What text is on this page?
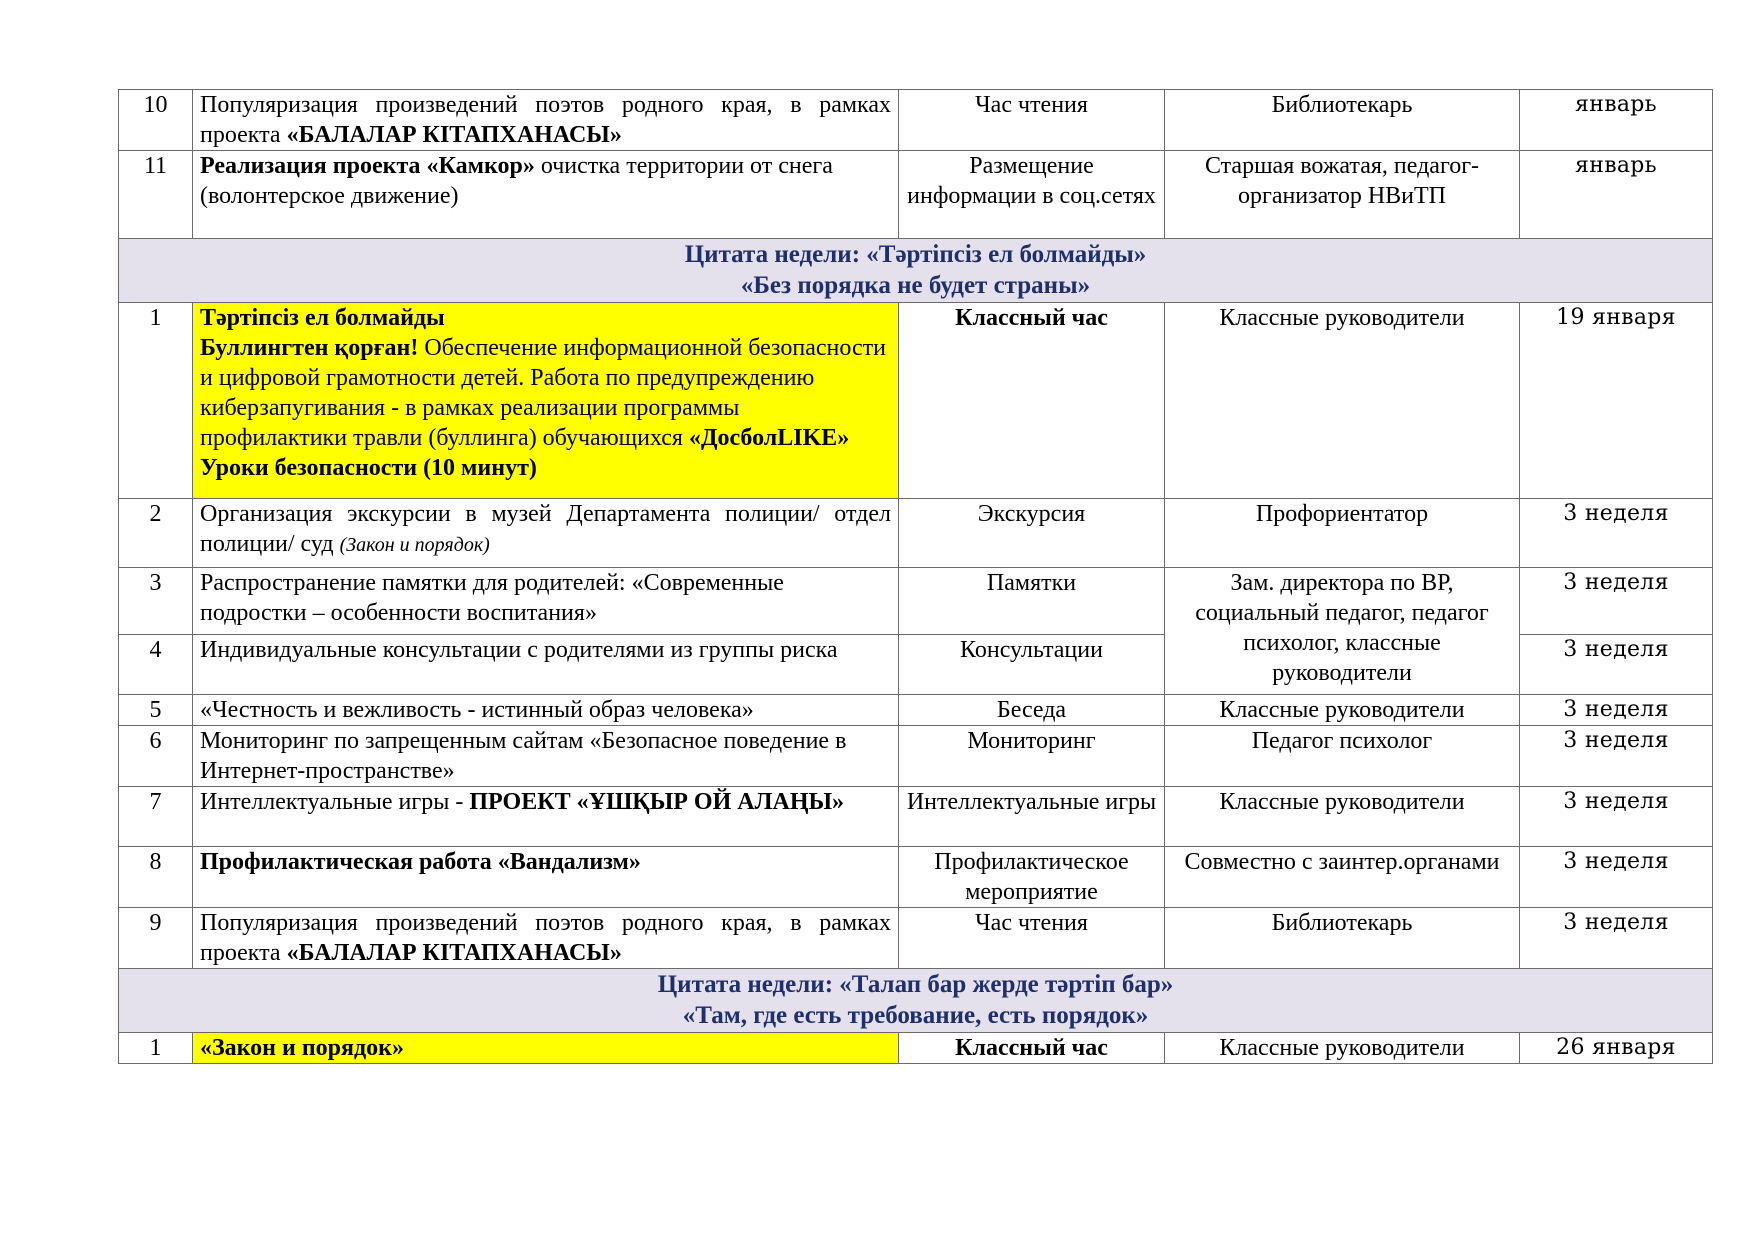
10	Популяризация произведений поэтов родного края, в рамках проекта «БАЛАЛАР КІТАПХАНАСЫ»	Час чтения	Библиотекарь	январь
11	Реализация проекта «Камкор» очистка территории от снега (волонтерское движение)	Размещение информации в соц.сетях	Старшая вожатая, педагог-организатор НВиТП	январь

Цитата недели: «Тәртіпсіз ел болмайды»
«Без порядка не будет страны»				

1	Тәртіпсіз ел болмайды
Буллингтен қорған! Обеспечение информационной безопасности и цифровой грамотности детей. Работа по предупреждению киберзапугивания - в рамках реализации программы профилактики травли (буллинга) обучающихся «ДосболLIKE»
Уроки безопасности (10 минут)	Классный час	Классные руководители	19 января
2	Организация экскурсии в музей Департамента полиции/ отдел полиции/ суд (Закон и порядок)	Экскурсия	Профориентатор	3 неделя
3	Распространение памятки для родителей: «Современные подростки – особенности воспитания»	Памятки	Зам. директора по ВР, социальный педагог, педагог психолог, классные руководители	3 неделя
4	Индивидуальные консультации с родителями из группы риска	Консультации		3 неделя
5	«Честность и вежливость - истинный образ человека»	Беседа	Классные руководители	3 неделя
6	Мониторинг по запрещенным сайтам «Безопасное поведение в Интернет-пространстве»	Мониторинг	Педагог психолог	3 неделя
7	Интеллектуальные игры - ПРОЕКТ «ҰШҚЫР ОЙ АЛАҢЫ»	Интеллектуальные игры	Классные руководители	3 неделя
8	Профилактическая работа «Вандализм»	Профилактическое мероприятие	Совместно с заинтер.органами	3 неделя
9	Популяризация произведений поэтов родного края, в рамках проекта «БАЛАЛАР КІТАПХАНАСЫ»	Час чтения	Библиотекарь	3 неделя

Цитата недели: «Талап бар жерде тәртіп бар»
«Там, где есть требование, есть порядок»				

1	«Закон и порядок»	Классный час	Классные руководители	26 января
